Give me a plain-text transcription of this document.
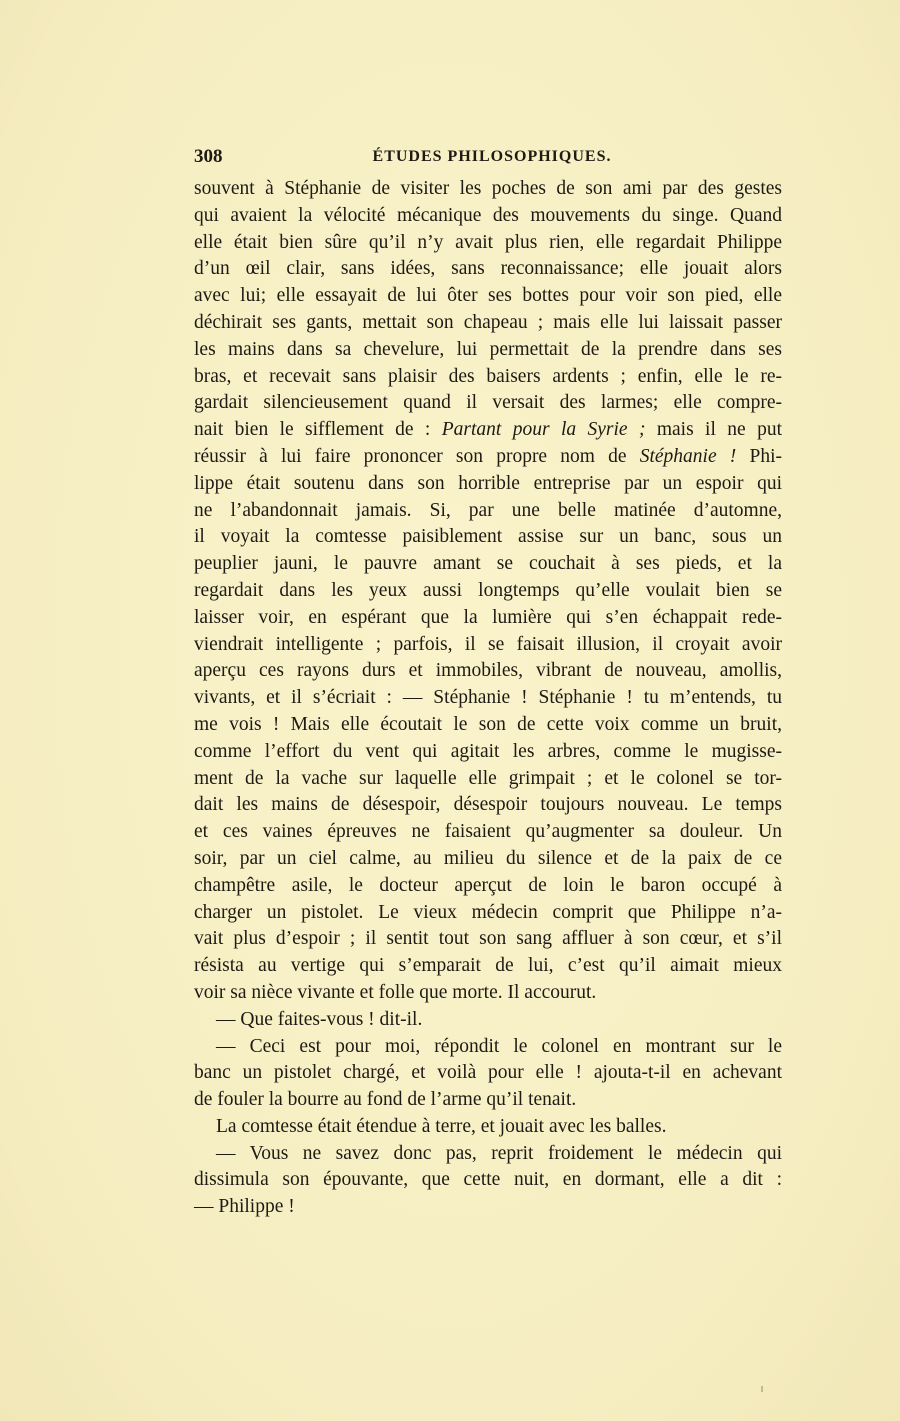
308	ÉTUDES PHILOSOPHIQUES.
souvent à Stéphanie de visiter les poches de son ami par des gestes
qui avaient la vélocité mécanique des mouvements du singe. Quand
elle était bien sûre qu’il n’y avait plus rien, elle regardait Philippe
d’un œil clair, sans idées, sans reconnaissance; elle jouait alors
avec lui; elle essayait de lui ôter ses bottes pour voir son pied, elle
déchirait ses gants, mettait son chapeau ; mais elle lui laissait passer
les mains dans sa chevelure, lui permettait de la prendre dans ses
bras, et recevait sans plaisir des baisers ardents ; enfin, elle le re-
gardait silencieusement quand il versait des larmes; elle compre-
nait bien le sifflement de : Partant pour la Syrie ; mais il ne put
réussir à lui faire prononcer son propre nom de Stéphanie ! Phi-
lippe était soutenu dans son horrible entreprise par un espoir qui
ne l’abandonnait jamais. Si, par une belle matinée d’automne,
il voyait la comtesse paisiblement assise sur un banc, sous un
peuplier jauni, le pauvre amant se couchait à ses pieds, et la
regardait dans les yeux aussi longtemps qu’elle voulait bien se
laisser voir, en espérant que la lumière qui s’en échappait rede-
viendrait intelligente ; parfois, il se faisait illusion, il croyait avoir
aperçu ces rayons durs et immobiles, vibrant de nouveau, amollis,
vivants, et il s’écriait : — Stéphanie ! Stéphanie ! tu m’entends, tu
me vois ! Mais elle écoutait le son de cette voix comme un bruit,
comme l’effort du vent qui agitait les arbres, comme le mugisse-
ment de la vache sur laquelle elle grimpait ; et le colonel se tor-
dait les mains de désespoir, désespoir toujours nouveau. Le temps
et ces vaines épreuves ne faisaient qu’augmenter sa douleur. Un
soir, par un ciel calme, au milieu du silence et de la paix de ce
champêtre asile, le docteur aperçut de loin le baron occupé à
charger un pistolet. Le vieux médecin comprit que Philippe n’a-
vait plus d’espoir ; il sentit tout son sang affluer à son cœur, et s’il
résista au vertige qui s’emparait de lui, c’est qu’il aimait mieux
voir sa nièce vivante et folle que morte. Il accourut.
— Que faites-vous ! dit-il.
— Ceci est pour moi, répondit le colonel en montrant sur le
banc un pistolet chargé, et voilà pour elle ! ajouta-t-il en achevant
de fouler la bourre au fond de l’arme qu’il tenait.
La comtesse était étendue à terre, et jouait avec les balles.
— Vous ne savez donc pas, reprit froidement le médecin qui
dissimula son épouvante, que cette nuit, en dormant, elle a dit :
— Philippe !
